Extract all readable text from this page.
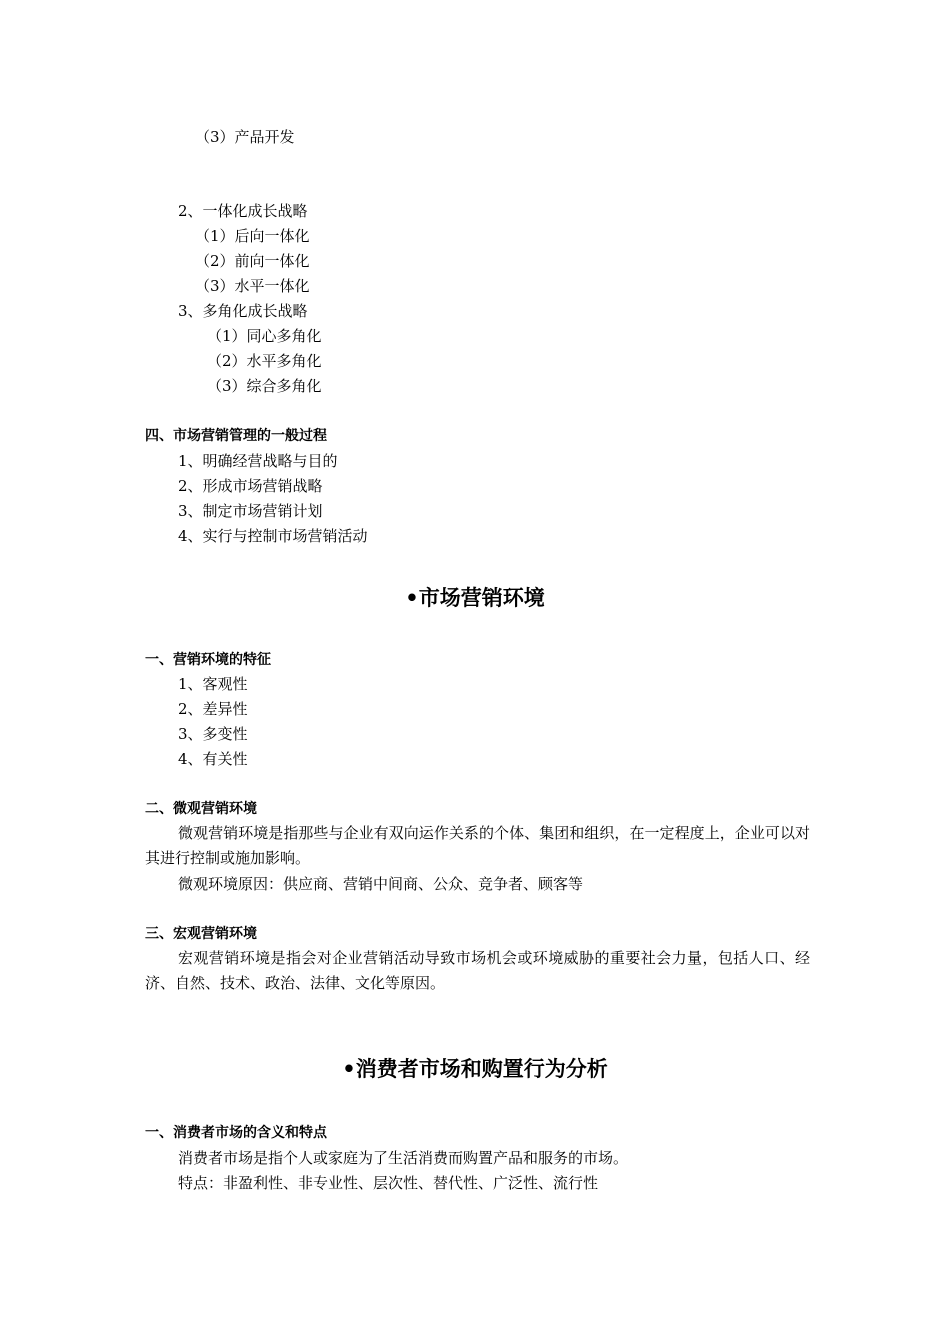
（3）产品开发
2、一体化成长战略
（1）后向一体化
（2）前向一体化
（3）水平一体化
3、多角化成长战略
（1）同心多角化
（2）水平多角化
（3）综合多角化
四、市场营销管理的一般过程
1、明确经营战略与目的
2、形成市场营销战略
3、制定市场营销计划
4、实行与控制市场营销活动
•市场营销环境
一、营销环境的特征
1、客观性
2、差异性
3、多变性
4、有关性
二、微观营销环境
微观营销环境是指那些与企业有双向运作关系的个体、集团和组织，在一定程度上，企业可以对其进行控制或施加影响。
微观环境原因：供应商、营销中间商、公众、竞争者、顾客等
三、宏观营销环境
宏观营销环境是指会对企业营销活动导致市场机会或环境威胁的重要社会力量，包括人口、经济、自然、技术、政治、法律、文化等原因。
•消费者市场和购置行为分析
一、消费者市场的含义和特点
消费者市场是指个人或家庭为了生活消费而购置产品和服务的市场。
特点：非盈利性、非专业性、层次性、替代性、广泛性、流行性
